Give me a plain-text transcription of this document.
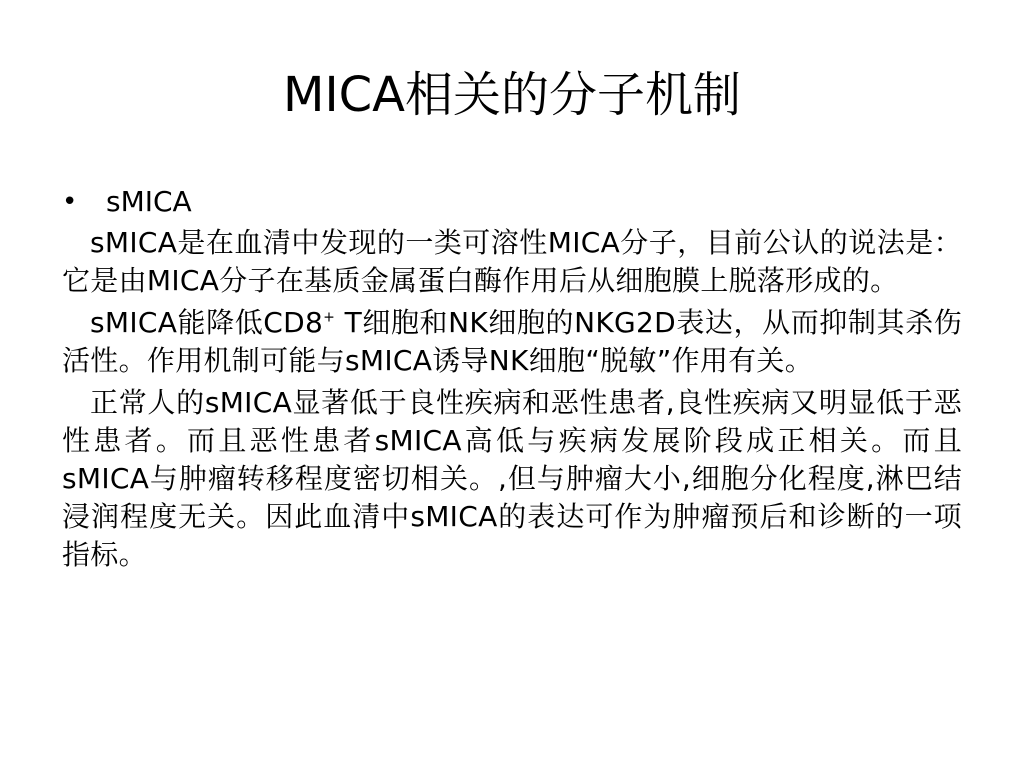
MICA相关的分子机制
• sMICA

sMICA是在血清中发现的一类可溶性MICA分子，目前公认的说法是：它是由MICA分子在基质金属蛋白酶作用后从细胞膜上脱落形成的。

sMICA能降低CD8+ T细胞和NK细胞的NKG2D表达，从而抑制其杀伤活性。作用机制可能与sMICA诱导NK细胞“脱敏”作用有关。

正常人的sMICA显著低于良性疾病和恶性患者,良性疾病又明显低于恶性患者。而且恶性患者sMICA高低与疾病发展阶段成正相关。而且sMICA与肿瘤转移程度密切相关。,但与肿瘤大小,细胞分化程度,淋巴结浸润程度无关。因此血清中sMICA的表达可作为肿瘤预后和诊断的一项指标。
